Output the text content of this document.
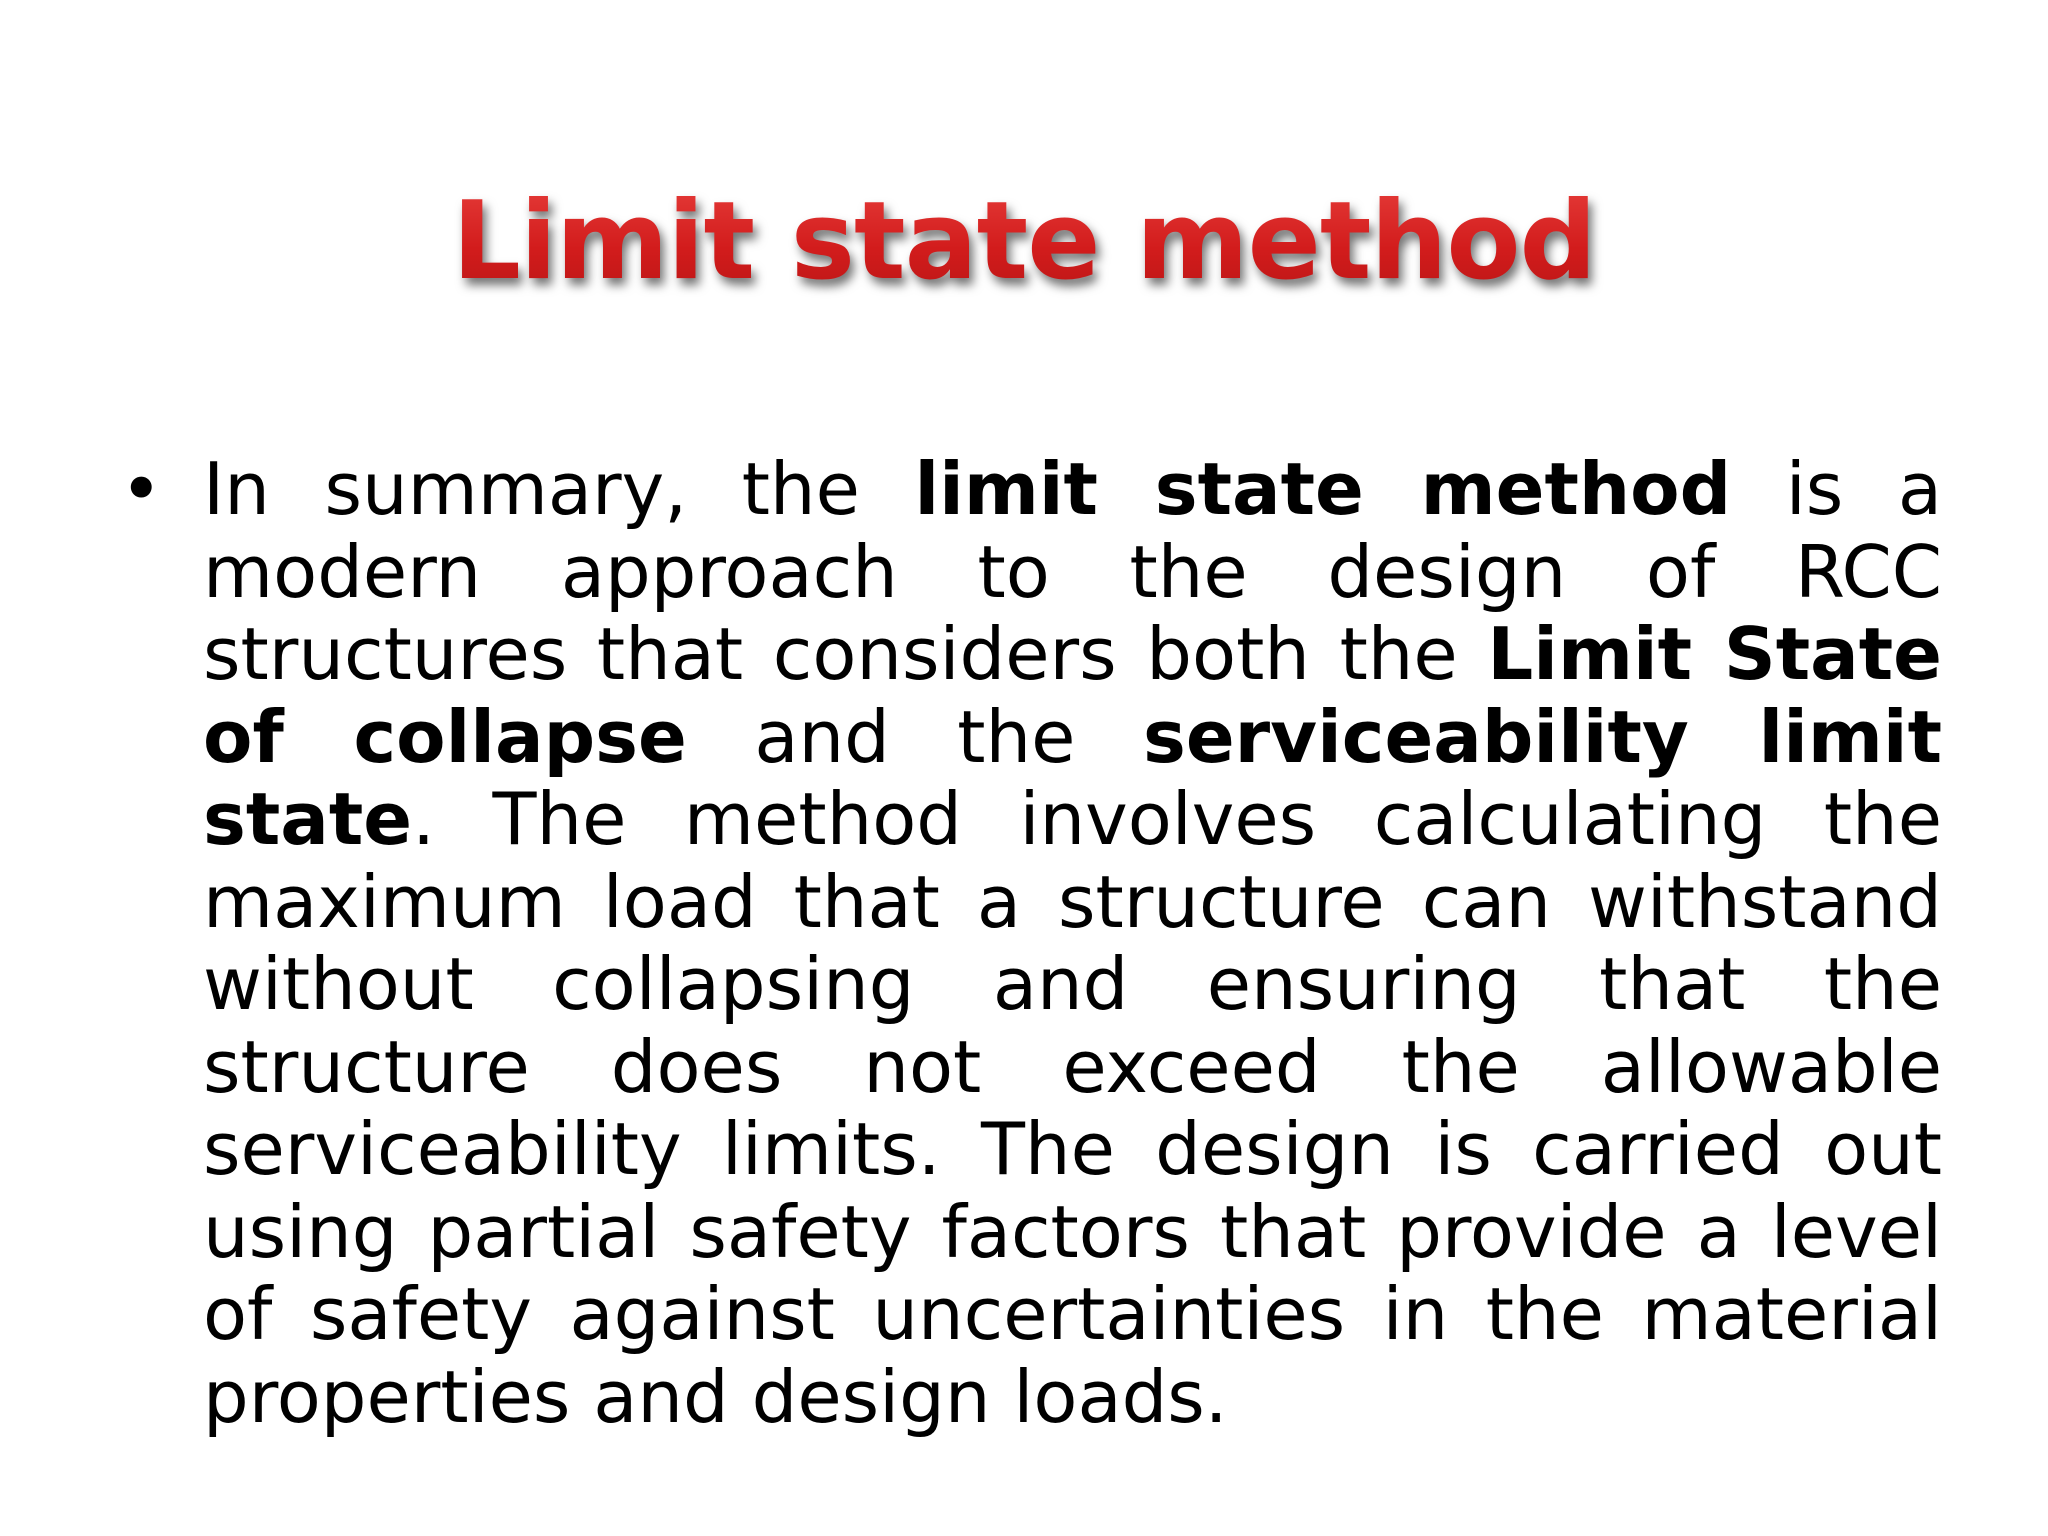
Limit state method
• In summary, the limit state method is a modern approach to the design of RCC structures that considers both the Limit State of collapse and the serviceability limit state. The method involves calculating the maximum load that a structure can withstand without collapsing and ensuring that the structure does not exceed the allowable serviceability limits. The design is carried out using partial safety factors that provide a level of safety against uncertainties in the material properties and design loads.
